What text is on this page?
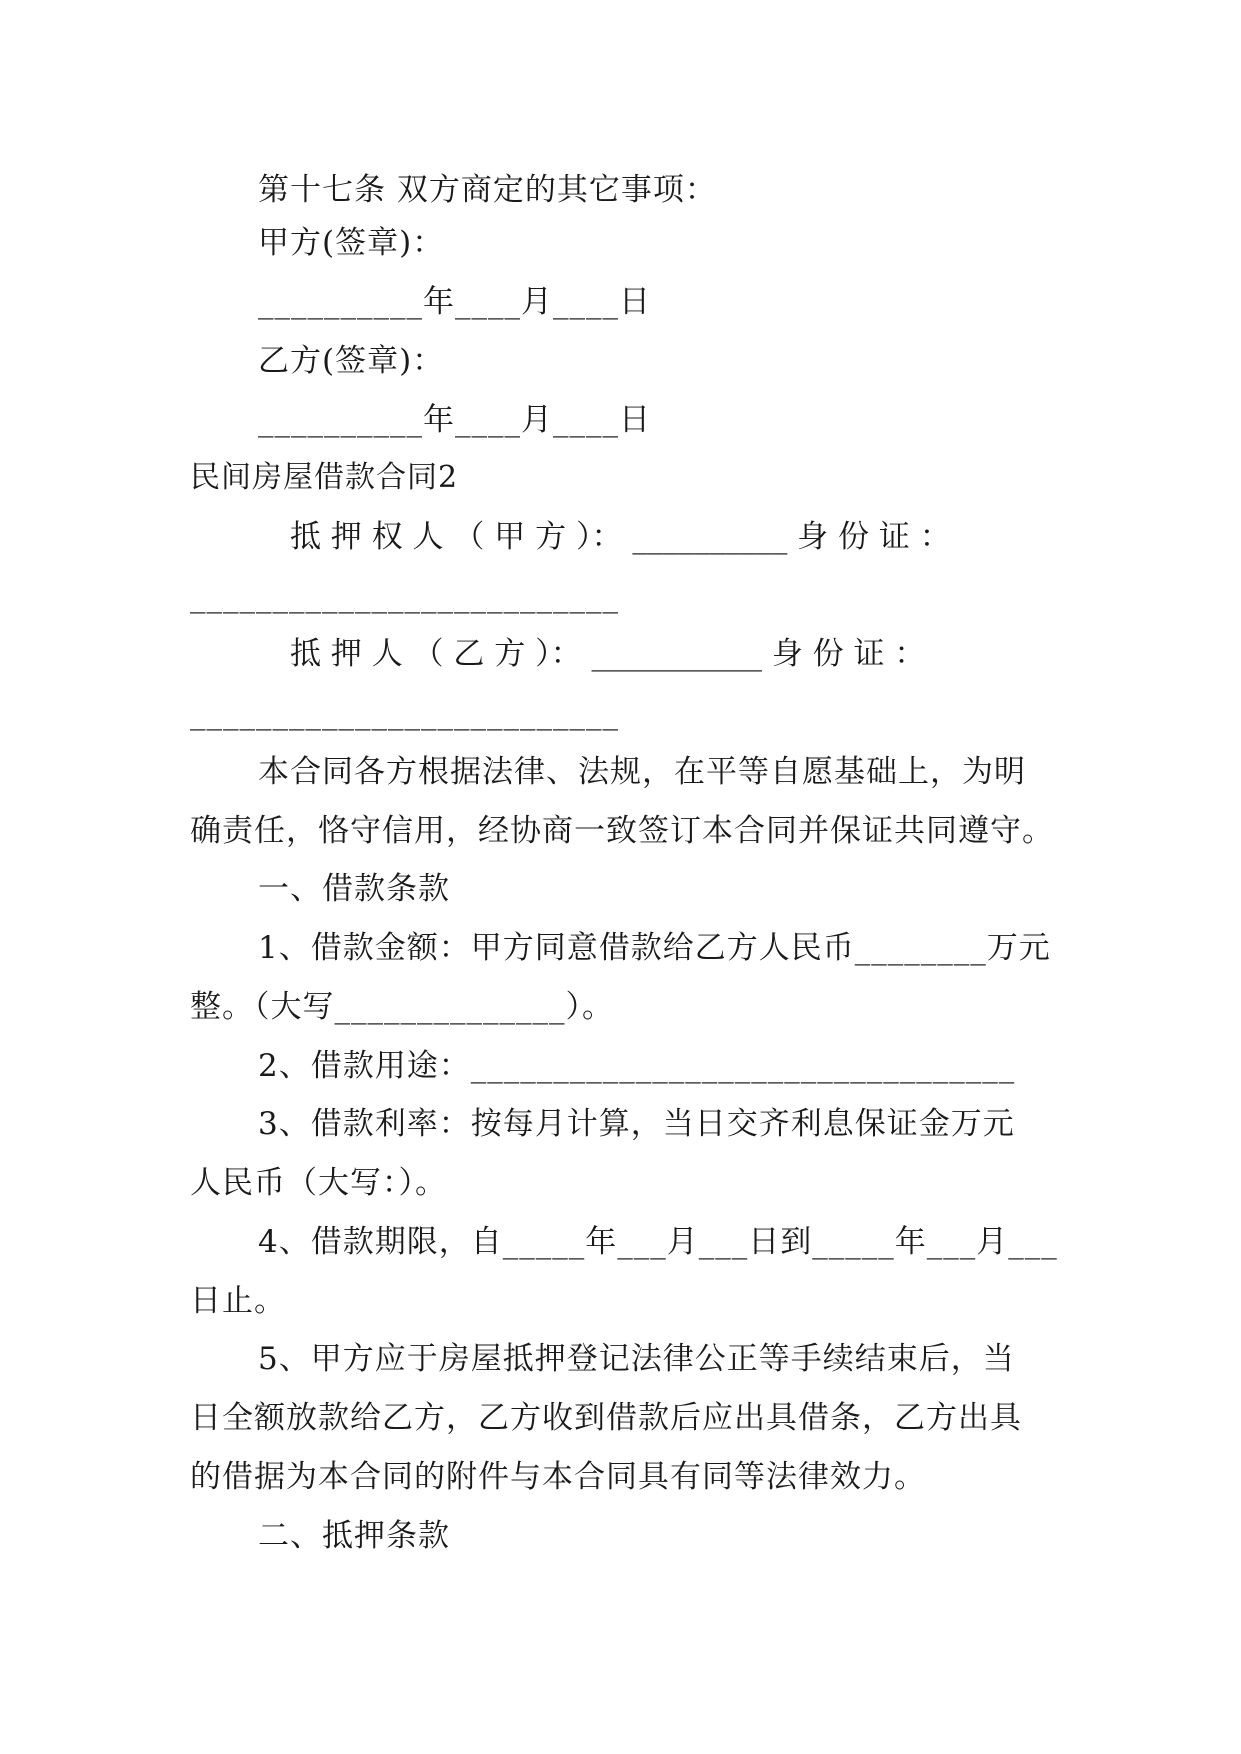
第十七条 双方商定的其它事项：
甲方(签章)：
__________年____月____日
乙方(签章)：
__________年____月____日
民间房屋借款合同2
抵 押 权 人 （ 甲 方 ）： __________ 身 份 证 ：
__________________________
抵 押 人 （ 乙 方 ）： ___________ 身 份 证 ：
__________________________
本合同各方根据法律、法规，在平等自愿基础上，为明
确责任，恪守信用，经协商一致签订本合同并保证共同遵守。
一、借款条款
1、借款金额：甲方同意借款给乙方人民币________万元
整。（大写______________）。
2、借款用途：_________________________________
3、借款利率：按每月计算，当日交齐利息保证金万元
人民币（大写：）。
4、借款期限，自_____年___月___日到_____年___月___
日止。
5、甲方应于房屋抵押登记法律公正等手续结束后，当
日全额放款给乙方，乙方收到借款后应出具借条，乙方出具
的借据为本合同的附件与本合同具有同等法律效力。
二、抵押条款
